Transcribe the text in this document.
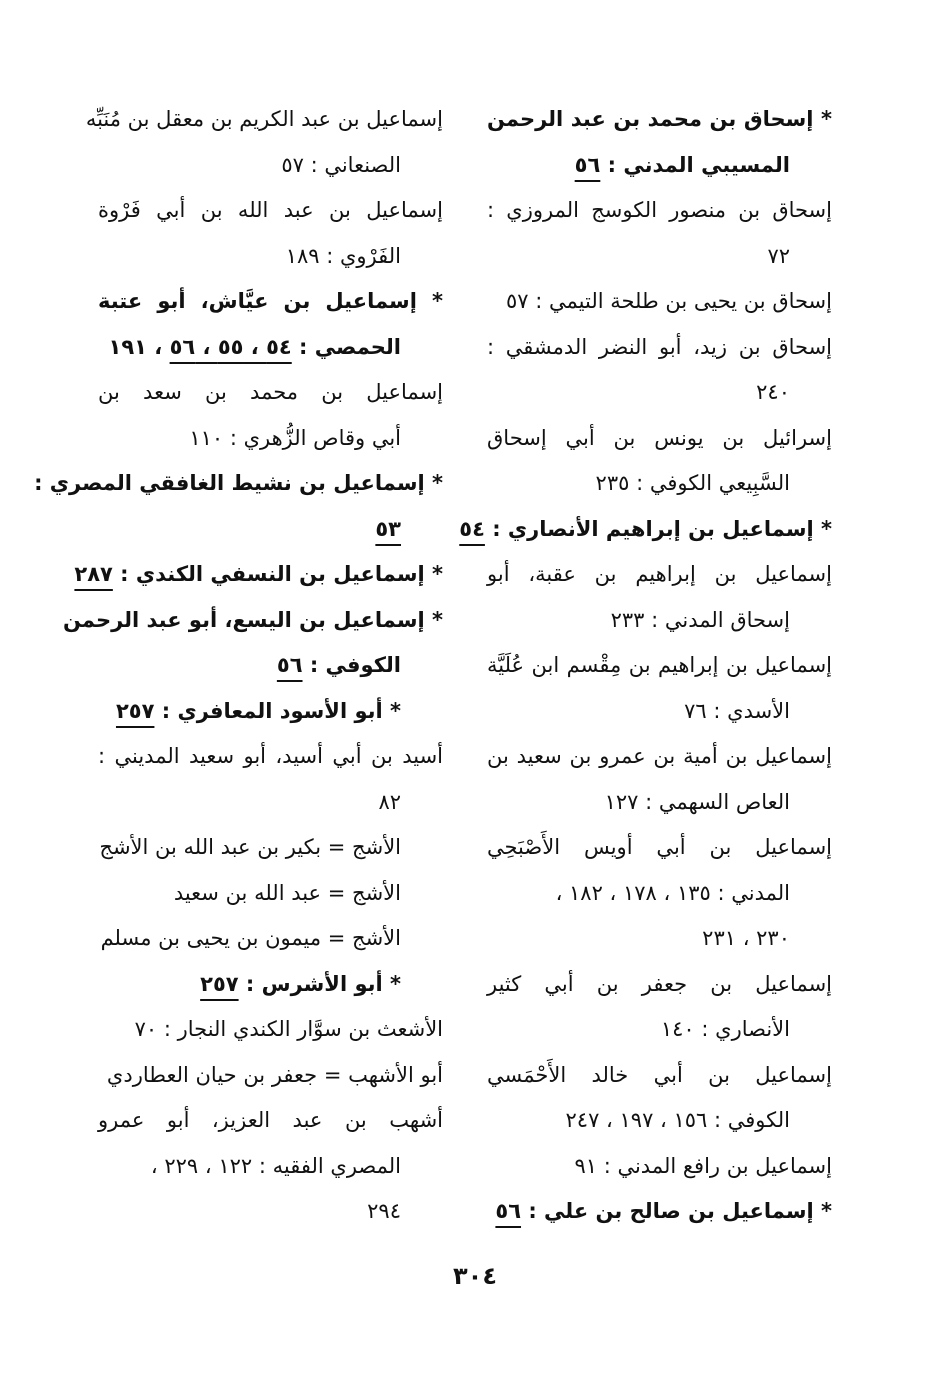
* إسحاق بن محمد بن عبد الرحمن
المسيبي المدني : ٥٦

إسحاق بن منصور الكوسج المروزي :
٧٢

إسحاق بن يحيى بن طلحة التيمي : ٥٧

إسحاق بن زيد، أبو النضر الدمشقي :
٢٤٠

إسرائيل بن يونس بن أبي إسحاق
السَّبِيعي الكوفي : ٢٣٥

* إسماعيل بن إبراهيم الأنصاري : ٥٤

إسماعيل بن إبراهيم بن عقبة، أبو
إسحاق المدني : ٢٣٣

إسماعيل بن إبراهيم بن مِقْسم ابن عُلَيَّة
الأسدي : ٧٦

إسماعيل بن أمية بن عمرو بن سعيد بن
العاص السهمي : ١٢٧

إسماعيل بن أبي أويس الأَصْبَحِي
المدني : ١٣٥ ، ١٧٨ ، ١٨٢ ،
٢٣٠ ، ٢٣١

إسماعيل بن جعفر بن أبي كثير
الأنصاري : ١٤٠

إسماعيل بن أبي خالد الأَحْمَسي
الكوفي : ١٥٦ ، ١٩٧ ، ٢٤٧

إسماعيل بن رافع المدني : ٩١

* إسماعيل بن صالح بن علي : ٥٦

إسماعيل بن عبد الكريم بن معقل بن مُنَبِّه
الصنعاني : ٥٧

إسماعيل بن عبد الله بن أبي فَرْوة
الفَرْوي : ١٨٩

* إسماعيل بن عيَّاش، أبو عتبة
الحمصي : ٥٤ ، ٥٥ ، ٥٦ ، ١٩١

إسماعيل بن محمد بن سعد بن
أبي وقاص الزُّهري : ١١٠

* إسماعيل بن نشيط الغافقي المصري :
٥٣

* إسماعيل بن النسفي الكندي : ٢٨٧

* إسماعيل بن اليسع، أبو عبد الرحمن
الكوفي : ٥٦

* أبو الأسود المعافري : ٢٥٧

أسيد بن أبي أسيد، أبو سعيد المديني :
٨٢

الأشج = بكير بن عبد الله بن الأشج

الأشج = عبد الله بن سعيد

الأشج = ميمون بن يحيى بن مسلم

* أبو الأشرس : ٢٥٧

الأشعث بن سوَّار الكندي النجار : ٧٠

أبو الأشهب = جعفر بن حيان العطاردي

أشهب بن عبد العزيز، أبو عمرو
المصري الفقيه : ١٢٢ ، ٢٢٩ ،
٢٩٤

٣٠٤
